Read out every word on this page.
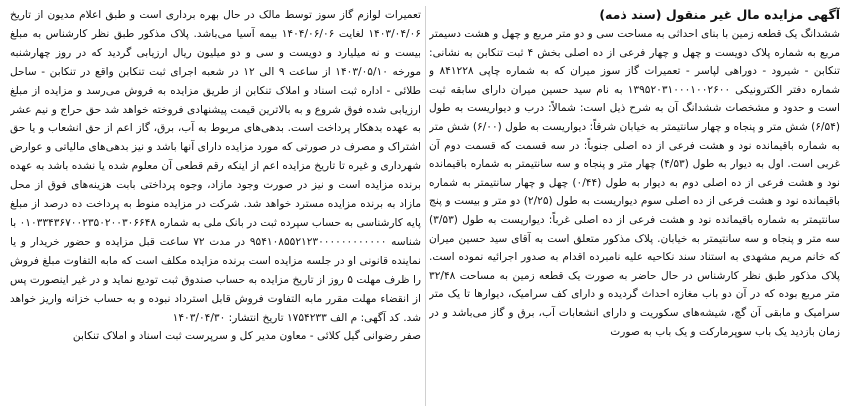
آگهی مزایده مال غیر منقول (سند ذمه)

ششدانگ یک قطعه زمین با بنای احداثی به مساحت سی و دو متر مربع و چهل و هشت دسیمتر مربع به شماره پلاک دویست و چهل و چهار فرعی از ده اصلی بخش ۴ ثبت تنکابن به نشانی: تنکابن - شیرود - دوراهی لپاسر - تعمیرات گاز سوز میران که به شماره چاپی ۸۴۱۲۲۸ و شماره دفتر الکترونیکی ۱۳۹۵۲۰۳۱۰۰۰۱۰۰۲۶۰۰ به نام سید حسین میران دارای سابقه ثبت است و حدود و مشخصات ششدانگ آن به شرح ذیل است: شمالاً: درب و دیواریست به طول (۶/۵۴) شش متر و پنجاه و چهار سانتیمتر به خیابان شرقاً: دیواریست به طول (۶/۰۰) شش متر به شماره باقیمانده نود و هشت فرعی از ده اصلی جنوباً: در سه قسمت که قسمت دوم آن غربی است. اول به دیوار به طول (۴/۵۳) چهار متر و پنجاه و سه سانتیمتر به شماره باقیمانده نود و هشت فرعی از ده اصلی دوم به دیوار به طول (۰/۴۴) چهل و چهار سانتیمتر به شماره باقیمانده نود و هشت فرعی از ده اصلی سوم دیواریست به طول (۲/۲۵) دو متر و بیست و پنج سانتیمتر به شماره باقیمانده نود و هشت فرعی از ده اصلی غرباً: دیواریست به طول (۳/۵۳) سه متر و پنجاه و سه سانتیمتر به خیابان. پلاک مذکور متعلق است به آقای سید حسین میران که خانم مریم مشهدی به استناد سند نکاحیه علیه نامبرده اقدام به صدور اجرائیه نموده است. پلاک مذکور طبق نظر کارشناس در حال حاضر به صورت یک قطعه زمین به مساحت ۳۲/۴۸ متر مربع بوده که در آن دو باب مغازه احداث گردیده و دارای کف سرامیک، دیوارها تا یک متر سرامیک و مابقی آن گچ، شیشه‌های سکوریت و دارای انشعابات آب، برق و گاز می‌باشد و در زمان بازدید یک باب سوپرمارکت و یک باب به صورت

تعمیرات لوازم گاز سوز توسط مالک در حال بهره برداری است و طبق اعلام مدیون از تاریخ ۱۴۰۳/۰۴/۰۶ لغایت ۱۴۰۴/۰۶/۰۶ بیمه آسیا می‌باشد. پلاک مذکور طبق نظر کارشناس به مبلغ بیست و نه میلیارد و دویست و سی و دو میلیون ریال ارزیابی گردید که در روز چهارشنبه مورخه ۱۴۰۳/۰۵/۱۰ از ساعت ۹ الی ۱۲ در شعبه اجرای ثبت تنکابن واقع در تنکابن - ساحل طلائی - اداره ثبت اسناد و املاک تنکابن از طریق مزایده به فروش می‌رسد و مزایده از مبلغ ارزیابی شده فوق شروع و به بالاترین قیمت پیشنهادی فروخته خواهد شد حق حراج و نیم عشر به عهده بدهکار پرداخت است. بدهی‌های مربوط به آب، برق، گاز اعم از حق انشعاب و یا حق اشتراک و مصرف در صورتی که مورد مزایده دارای آنها باشد و نیز بدهی‌های مالیاتی و عوارض شهرداری و غیره تا تاریخ مزایده اعم از اینکه رقم قطعی آن معلوم شده یا نشده باشد به عهده برنده مزایده است و نیز در صورت وجود مازاد، وجوه پرداختی بابت هزینه‌های فوق از محل مازاد به برنده مزایده مسترد خواهد شد. شرکت در مزایده منوط به پرداخت ده درصد از مبلغ پایه کارشناسی به حساب سپرده ثبت در بانک ملی به شماره ۰۱۰۳۳۴۳۶۷۰۰۲۳۵۰۲۰۰۳۰۶۶۴۸ با شناسه ۹۵۴۱۰۸۵۵۲۱۲۳۰۰۰۰۰۰۰۰۰۰۰۰ در مدت ۷۲ ساعت قبل مزایده و حضور خریدار و یا نماینده قانونی او در جلسه مزایده است برنده مزایده مکلف است که مابه التفاوت مبلغ فروش را ظرف مهلت ۵ روز از تاریخ مزایده به حساب صندوق ثبت تودیع نماید و در غیر اینصورت پس از انقضاء مهلت مقرر مابه التفاوت فروش قابل استرداد نبوده و به حساب خزانه واریز خواهد شد. کد آگهی: م الف ۱۷۵۴۲۳۳ تاریخ انتشار: ۱۴۰۳/۰۴/۳۰

صفر رضوانی گیل کلائی - معاون مدیر کل و سرپرست ثبت اسناد و املاک تنکابن
